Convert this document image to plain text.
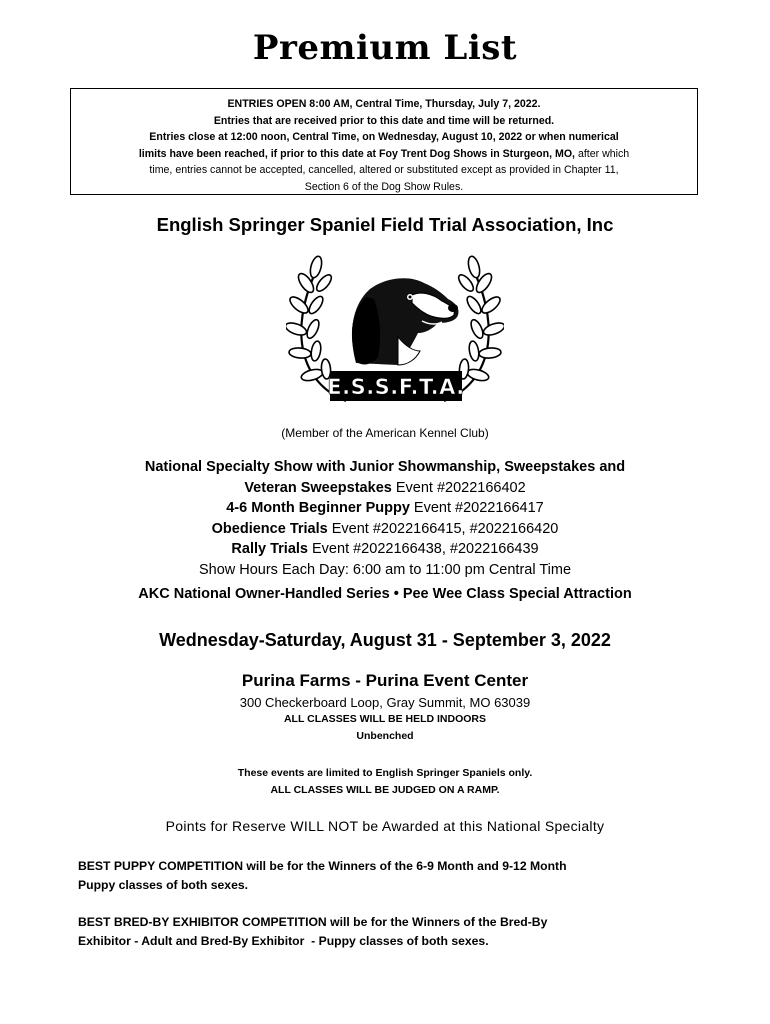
Premium List
ENTRIES OPEN 8:00 AM, Central Time, Thursday, July 7, 2022.
Entries that are received prior to this date and time will be returned.
Entries close at 12:00 noon, Central Time, on Wednesday, August 10, 2022 or when numerical
limits have been reached, if prior to this date at Foy Trent Dog Shows in Sturgeon, MO, after which
time, entries cannot be accepted, cancelled, altered or substituted except as provided in Chapter 11,
Section 6 of the Dog Show Rules.
English Springer Spaniel Field Trial Association, Inc
E.S.S.F.T.A.
(Member of the American Kennel Club)
National Specialty Show with Junior Showmanship, Sweepstakes and
Veteran Sweepstakes Event #2022166402
4-6 Month Beginner Puppy Event #2022166417
Obedience Trials Event #2022166415, #2022166420
Rally Trials Event #2022166438, #2022166439
Show Hours Each Day: 6:00 am to 11:00 pm Central Time
AKC National Owner-Handled Series • Pee Wee Class Special Attraction
Wednesday-Saturday, August 31 - September 3, 2022
Purina Farms - Purina Event Center
300 Checkerboard Loop, Gray Summit, MO 63039
ALL CLASSES WILL BE HELD INDOORS
Unbenched
These events are limited to English Springer Spaniels only.
ALL CLASSES WILL BE JUDGED ON A RAMP.
Points for Reserve WILL NOT be Awarded at this National Specialty
BEST PUPPY COMPETITION will be for the Winners of the 6-9 Month and 9-12 Month
Puppy classes of both sexes.
BEST BRED-BY EXHIBITOR COMPETITION will be for the Winners of the Bred-By
Exhibitor - Adult and Bred-By Exhibitor  - Puppy classes of both sexes.
